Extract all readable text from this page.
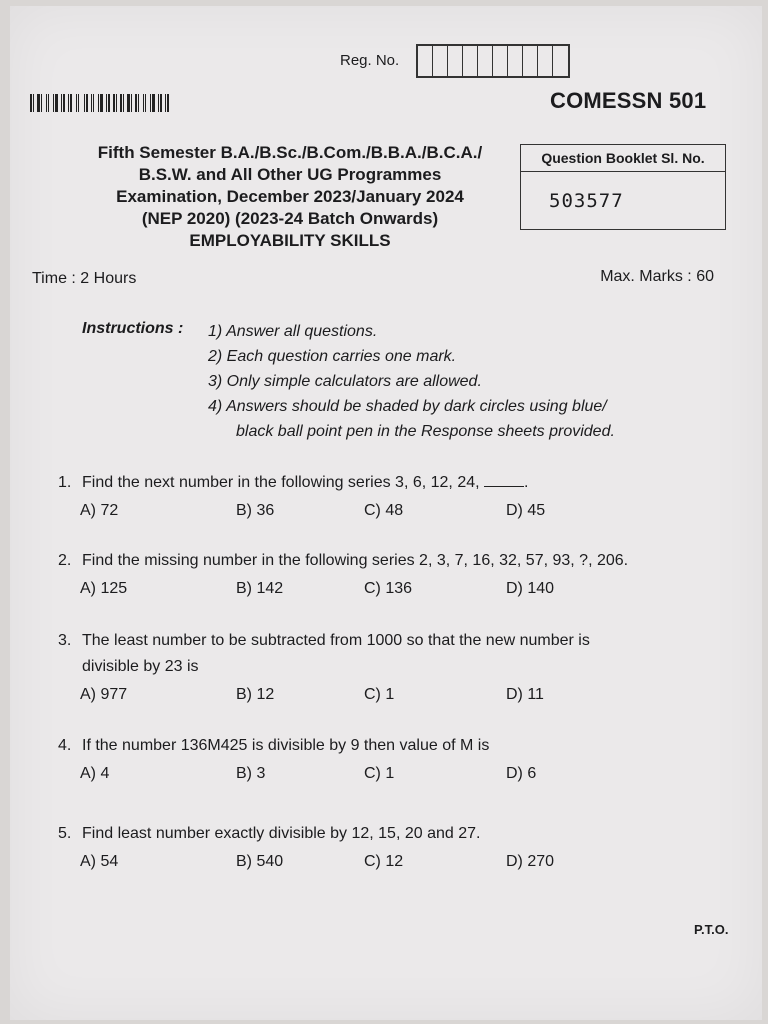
Reg. No.
COMESSN 501
Fifth Semester B.A./B.Sc./B.Com./B.B.A./B.C.A./
B.S.W. and All Other UG Programmes
Examination, December 2023/January 2024
(NEP 2020) (2023-24 Batch Onwards)
EMPLOYABILITY SKILLS
Question Booklet Sl. No.
503577
Time : 2 Hours	Max. Marks : 60
Instructions : 1) Answer all questions.
2) Each question carries one mark.
3) Only simple calculators are allowed.
4) Answers should be shaded by dark circles using blue/
black ball point pen in the Response sheets provided.
1. Find the next number in the following series 3, 6, 12, 24,	.
A) 72	B) 36	C) 48	D) 45
2. Find the missing number in the following series 2, 3, 7, 16, 32, 57, 93, ?, 206.
A) 125	B) 142	C) 136	D) 140
3. The least number to be subtracted from 1000 so that the new number is
divisible by 23 is
A) 977	B) 12	C) 1	D) 11
4. If the number 136M425 is divisible by 9 then value of M is
A) 4	B) 3	C) 1	D) 6
5. Find least number exactly divisible by 12, 15, 20 and 27.
A) 54	B) 540	C) 12	D) 270
P.T.O.
